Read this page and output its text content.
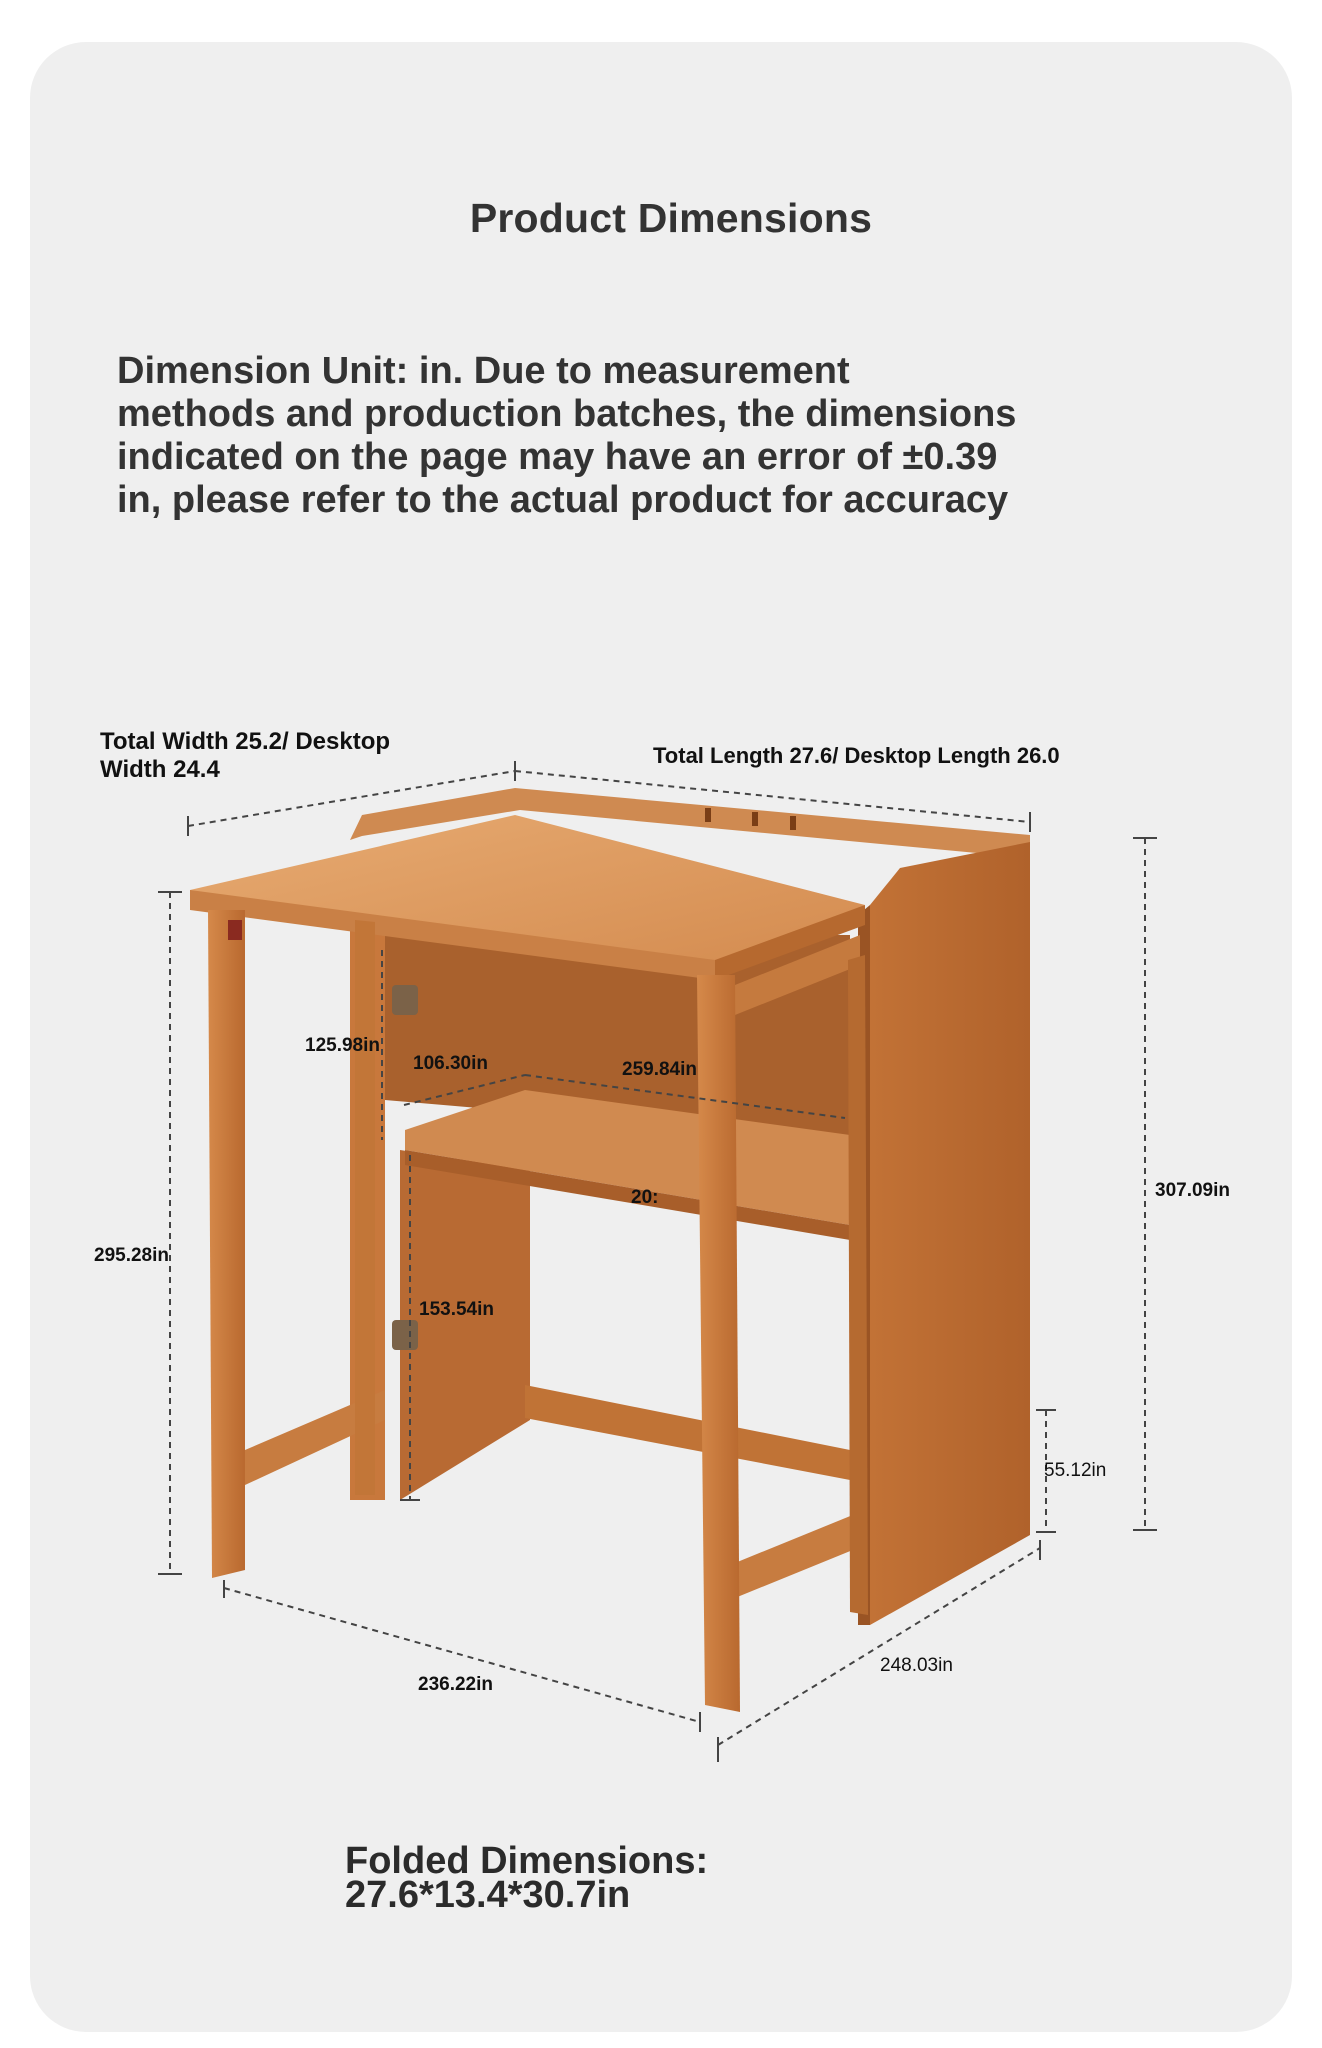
Product Dimensions
Dimension Unit: in. Due to measurement methods and production batches, the dimensions indicated on the page may have an error of ±0.39 in, please refer to the actual product for accuracy
Total Width 25.2/ Desktop Width 24.4
Total Length 27.6/ Desktop Length 26.0
307.09in
295.28in
125.98in
106.30in	259.84in
20:
153.54in
55.12in
236.22in
248.03in
Folded Dimensions:
27.6*13.4*30.7in
